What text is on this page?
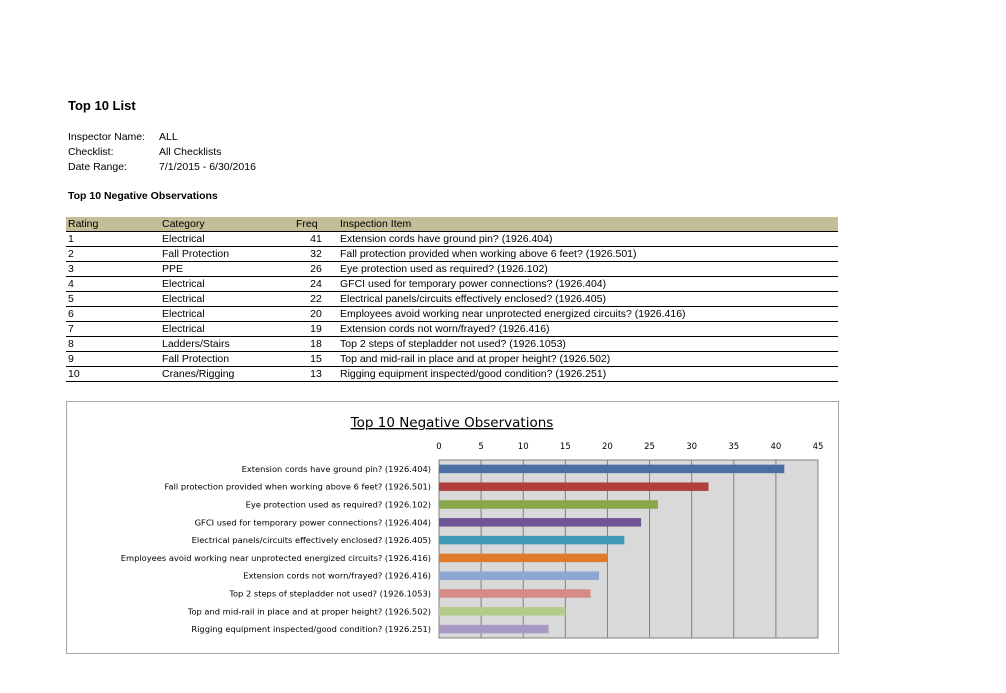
Top 10 List
Inspector Name:	ALL
Checklist:	All Checklists
Date Range:	7/1/2015 - 6/30/2016
Top 10 Negative Observations
Rating	Category	Freq	Inspection Item
1	Electrical	41	Extension cords have ground pin? (1926.404)
2	Fall Protection	32	Fall protection provided when working above 6 feet? (1926.501)
3	PPE	26	Eye protection used as required? (1926.102)
4	Electrical	24	GFCI used for temporary power connections? (1926.404)
5	Electrical	22	Electrical panels/circuits effectively enclosed? (1926.405)
6	Electrical	20	Employees avoid working near unprotected energized circuits? (1926.416)
7	Electrical	19	Extension cords not worn/frayed? (1926.416)
8	Ladders/Stairs	18	Top 2 steps of stepladder not used? (1926.1053)
9	Fall Protection	15	Top and mid-rail in place and at proper height? (1926.502)
10	Cranes/Rigging	13	Rigging equipment inspected/good condition? (1926.251)
Top 10 Negative Observations
0	5	10	15	20	25	30	35	40	45
Extension cords have ground pin? (1926.404)
Fall protection provided when working above 6 feet? (1926.501)
Eye protection used as required? (1926.102)
GFCI used for temporary power connections? (1926.404)
Electrical panels/circuits effectively enclosed? (1926.405)
Employees avoid working near unprotected energized circuits? (1926.416)
Extension cords not worn/frayed? (1926.416)
Top 2 steps of stepladder not used? (1926.1053)
Top and mid-rail in place and at proper height? (1926.502)
Rigging equipment inspected/good condition? (1926.251)
